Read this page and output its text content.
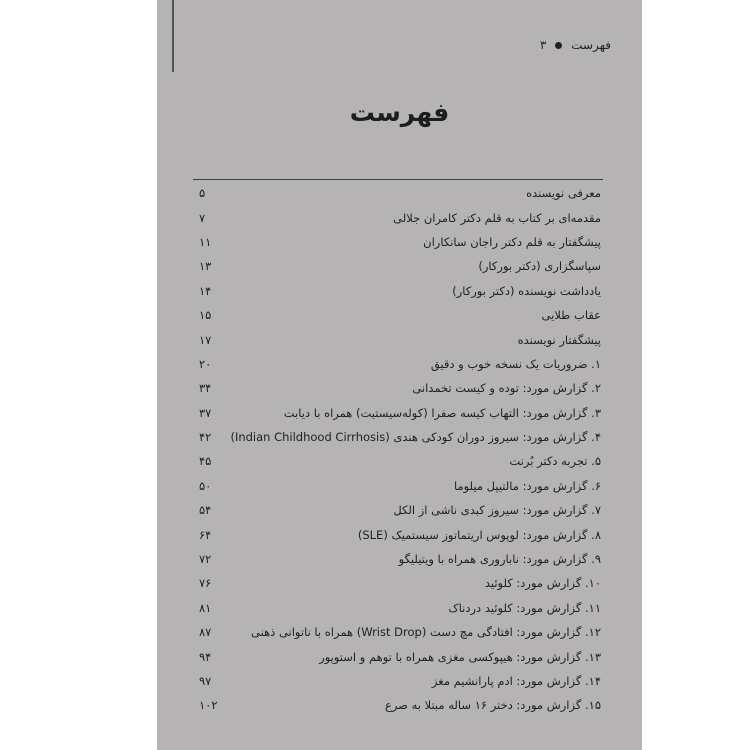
فهرست
۳
فهرست
معرفی نویسنده
۵
مقدمه‌ای بر کتاب به قلم دکتر کامران جلالی
۷
پیشگفتار به قلم دکتر راجان سانکاران
۱۱
سپاسگزاری (دکتر بورکار)
۱۳
یادداشت نویسنده (دکتر بورکار)
۱۴
عقاب طلایی
۱۵
پیشگفتار نویسنده
۱۷
۱. ضروریات یک نسخه خوب و دقیق
۲۰
۲. گزارش مورد: توده و کیست تخمدانی
۳۴
۳. گزارش مورد: التهاب کیسه صفرا (کوله‌سیستیت) همراه با دیابت
۳۷
۴. گزارش مورد: سیروز دوران کودکی هندی (Indian Childhood Cirrhosis)
۴۲
۵. تجربه دکتر بُرنت
۴۵
۶. گزارش مورد: مالتیپل میلوما
۵۰
۷. گزارش مورد: سیروز کبدی ناشی از الکل
۵۴
۸. گزارش مورد: لوپوس اریتماتوز سیستمیک (SLE)
۶۴
۹. گزارش مورد: ناباروری همراه با ویتیلیگو
۷۲
۱۰. گزارش مورد: کلوئید
۷۶
۱۱. گزارش مورد: کلوئید دردناک
۸۱
۱۲. گزارش مورد: افتادگی مچ دست (Wrist Drop) همراه با ناتوانی ذهنی
۸۷
۱۳. گزارش مورد: هیپوکسی مغزی همراه با توهم و استوپور
۹۴
۱۴. گزارش مورد: ادم پارانشیم مغز
۹۷
۱۵. گزارش مورد: دختر ۱۶ ساله مبتلا به صرع
۱۰۲
